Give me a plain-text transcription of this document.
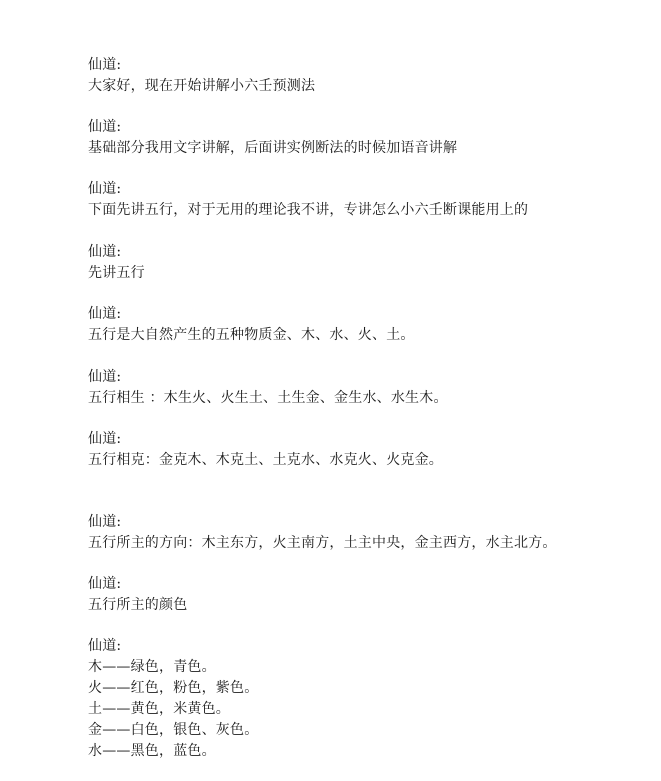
仙道:
大家好，现在开始讲解小六壬预测法
仙道:
基础部分我用文字讲解，后面讲实例断法的时候加语音讲解
仙道:
下面先讲五行，对于无用的理论我不讲，专讲怎么小六壬断课能用上的
仙道:
先讲五行
仙道:
五行是大自然产生的五种物质金、木、水、火、土。
仙道:
五行相生 ：木生火、火生土、土生金、金生水、水生木。
仙道:
五行相克：金克木、木克土、土克水、水克火、火克金。
仙道:
五行所主的方向：木主东方，火主南方，土主中央，金主西方，水主北方。
仙道:
五行所主的颜色
仙道:
木——绿色，青色。
火——红色，粉色，紫色。
土——黄色，米黄色。
金——白色，银色、灰色。
水——黑色，蓝色。
